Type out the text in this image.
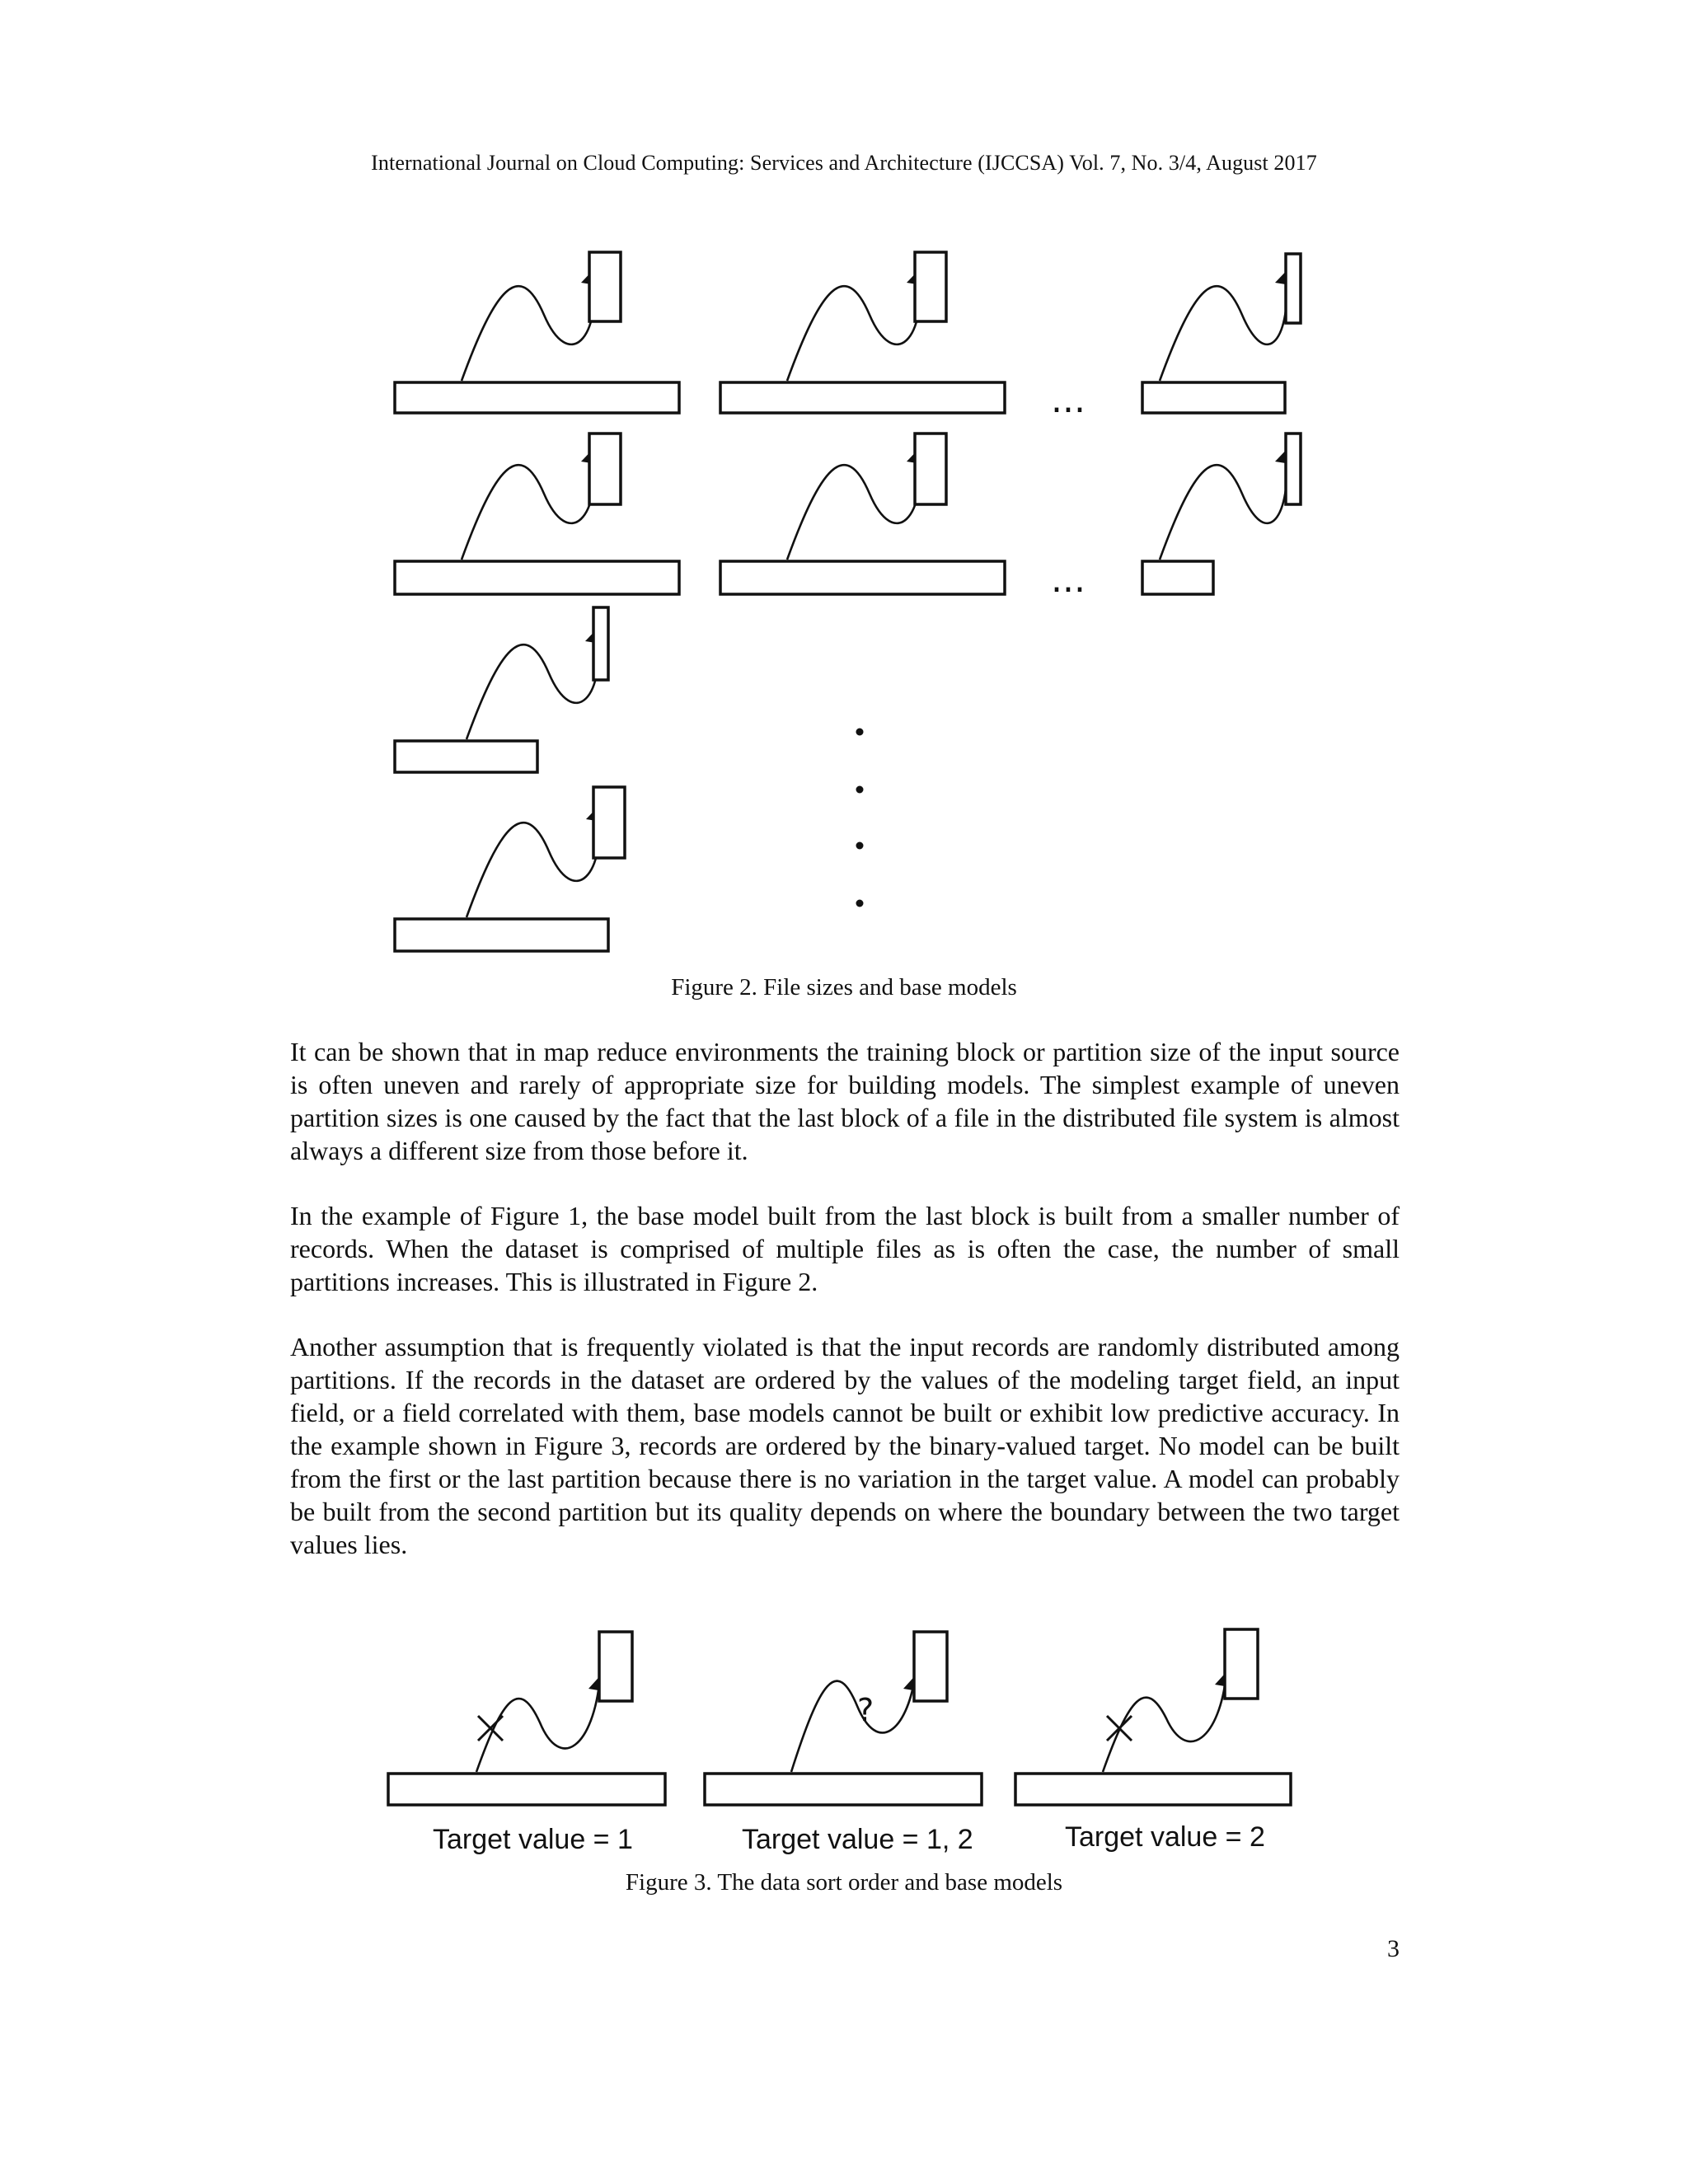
International Journal on Cloud Computing: Services and Architecture (IJCCSA) Vol. 7, No. 3/4, August 2017
...
...
Figure 2. File sizes and base models

It can be shown that in map reduce environments the training block or partition size of the input source is often uneven and rarely of appropriate size for building models. The simplest example of uneven partition sizes is one caused by the fact that the last block of a file in the distributed file system is almost always a different size from those before it.

In the example of Figure 1, the base model built from the last block is built from a smaller number of records. When the dataset is comprised of multiple files as is often the case, the number of small partitions increases. This is illustrated in Figure 2.

Another assumption that is frequently violated is that the input records are randomly distributed among partitions. If the records in the dataset are ordered by the values of the modeling target field, an input field, or a field correlated with them, base models cannot be built or exhibit low predictive accuracy. In the example shown in Figure 3, records are ordered by the binary-valued target. No model can be built from the first or the last partition because there is no variation in the target value. A model can probably be built from the second partition but its quality depends on where the boundary between the two target values lies.

?
Target value = 1	Target value = 1, 2	Target value = 2
Figure 3. The data sort order and base models
3
